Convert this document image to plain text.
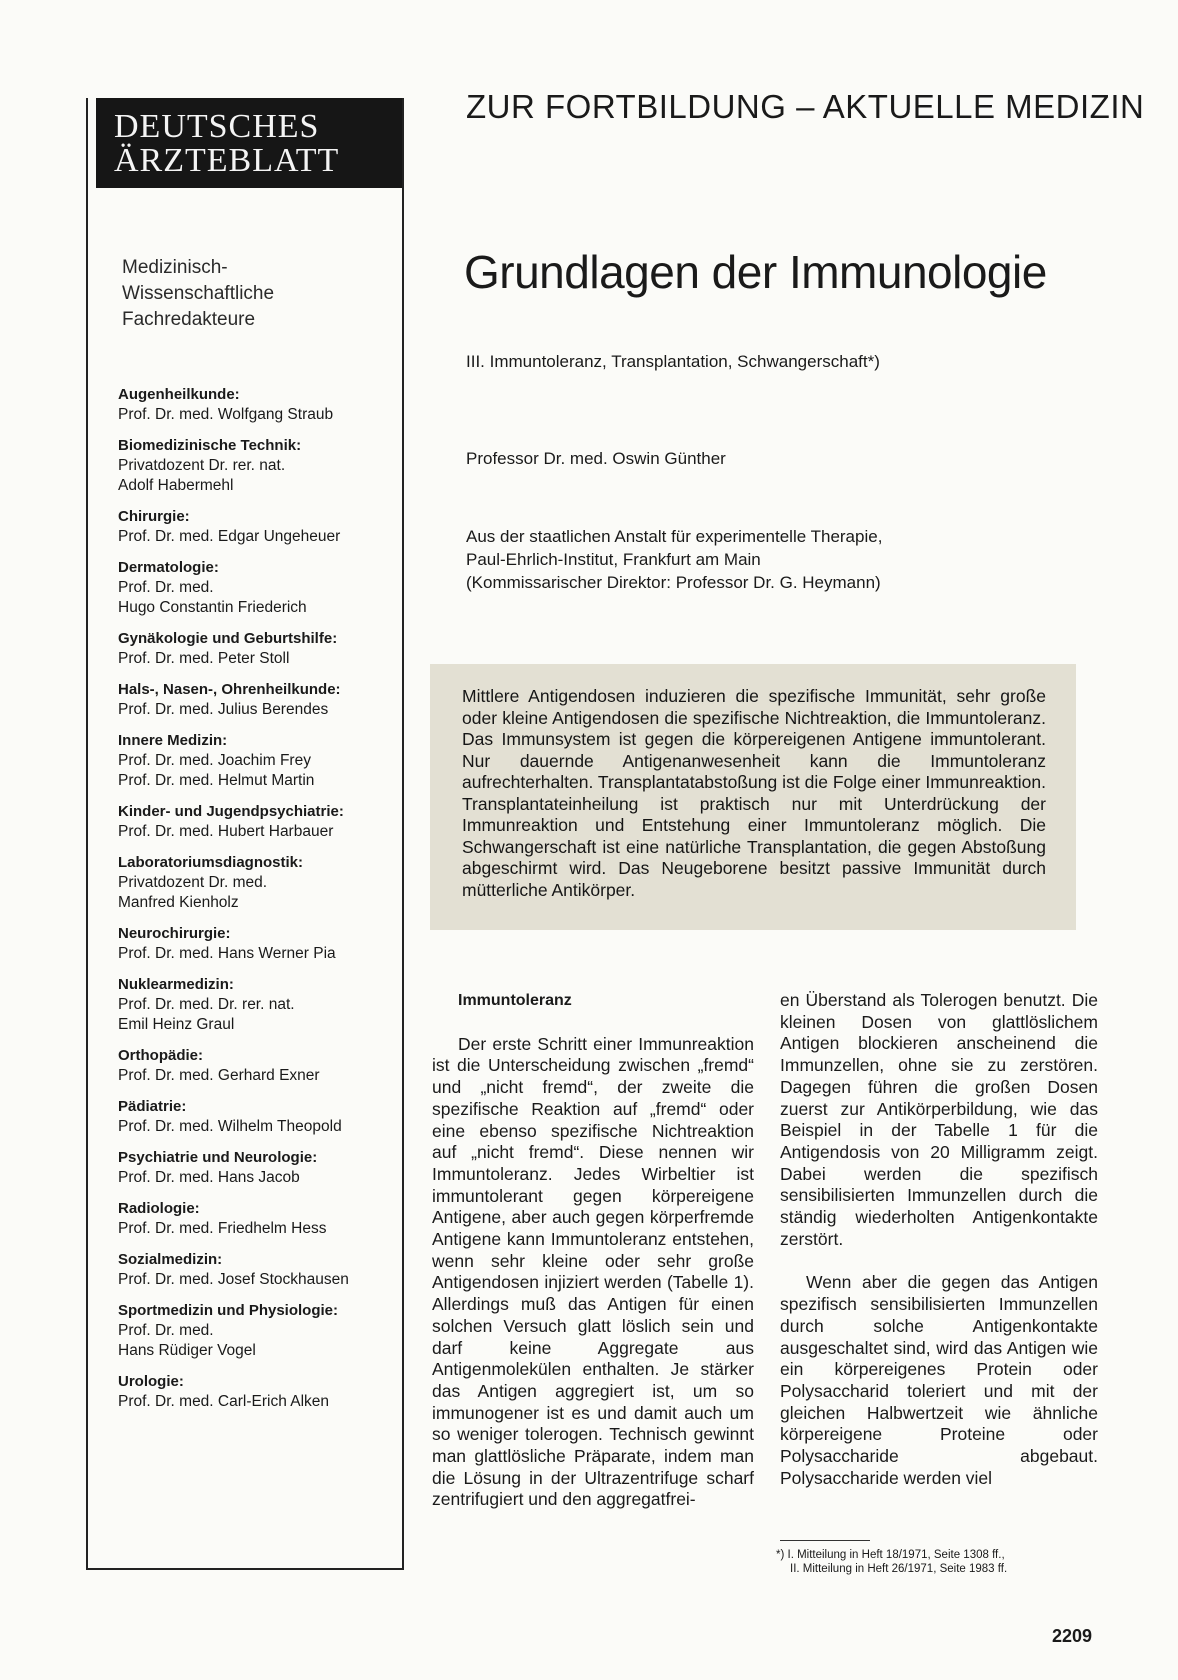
DEUTSCHES
ÄRZTEBLATT
Medizinisch-
Wissenschaftliche
Fachredakteure
Augenheilkunde:
Prof. Dr. med. Wolfgang Straub
Biomedizinische Technik:
Privatdozent Dr. rer. nat.
Adolf Habermehl
Chirurgie:
Prof. Dr. med. Edgar Ungeheuer
Dermatologie:
Prof. Dr. med.
Hugo Constantin Friederich
Gynäkologie und Geburtshilfe:
Prof. Dr. med. Peter Stoll
Hals-, Nasen-, Ohrenheilkunde:
Prof. Dr. med. Julius Berendes
Innere Medizin:
Prof. Dr. med. Joachim Frey
Prof. Dr. med. Helmut Martin
Kinder- und Jugendpsychiatrie:
Prof. Dr. med. Hubert Harbauer
Laboratoriumsdiagnostik:
Privatdozent Dr. med.
Manfred Kienholz
Neurochirurgie:
Prof. Dr. med. Hans Werner Pia
Nuklearmedizin:
Prof. Dr. med. Dr. rer. nat.
Emil Heinz Graul
Orthopädie:
Prof. Dr. med. Gerhard Exner
Pädiatrie:
Prof. Dr. med. Wilhelm Theopold
Psychiatrie und Neurologie:
Prof. Dr. med. Hans Jacob
Radiologie:
Prof. Dr. med. Friedhelm Hess
Sozialmedizin:
Prof. Dr. med. Josef Stockhausen
Sportmedizin und Physiologie:
Prof. Dr. med.
Hans Rüdiger Vogel
Urologie:
Prof. Dr. med. Carl-Erich Alken
ZUR FORTBILDUNG – AKTUELLE MEDIZIN
Grundlagen der Immunologie
III. Immuntoleranz, Transplantation, Schwangerschaft*)
Professor Dr. med. Oswin Günther
Aus der staatlichen Anstalt für experimentelle Therapie,
Paul-Ehrlich-Institut, Frankfurt am Main
(Kommissarischer Direktor: Professor Dr. G. Heymann)

Mittlere Antigendosen induzieren die spezifische Immunität, sehr große oder kleine Antigendosen die spezifische Nichtreaktion, die Immuntoleranz. Das Immunsystem ist gegen die körpereigenen Antigene immuntolerant. Nur dauernde Antigenanwesenheit kann die Immuntoleranz aufrechterhalten. Transplantatabstoßung ist die Folge einer Immunreaktion. Transplantateinheilung ist praktisch nur mit Unterdrückung der Immunreaktion und Entstehung einer Immuntoleranz möglich. Die Schwangerschaft ist eine natürliche Transplantation, die gegen Abstoßung abgeschirmt wird. Das Neugeborene besitzt passive Immunität durch mütterliche Antikörper.

Immuntoleranz

Der erste Schritt einer Immunreaktion ist die Unterscheidung zwischen „fremd“ und „nicht fremd“, der zweite die spezifische Reaktion auf „fremd“ oder eine ebenso spezifische Nichtreaktion auf „nicht fremd“. Diese nennen wir Immuntoleranz. Jedes Wirbeltier ist immuntolerant gegen körpereigene Antigene, aber auch gegen körperfremde Antigene kann Immuntoleranz entstehen, wenn sehr kleine oder sehr große Antigendosen injiziert werden (Tabelle 1). Allerdings muß das Antigen für einen solchen Versuch glatt löslich sein und darf keine Aggregate aus Antigenmolekülen enthalten. Je stärker das Antigen aggregiert ist, um so immunogener ist es und damit auch um so weniger tolerogen. Technisch gewinnt man glattlösliche Präparate, indem man die Lösung in der Ultrazentrifuge scharf zentrifugiert und den aggregatfrei-

en Überstand als Tolerogen benutzt. Die kleinen Dosen von glattlöslichem Antigen blockieren anscheinend die Immunzellen, ohne sie zu zerstören. Dagegen führen die großen Dosen zuerst zur Antikörperbildung, wie das Beispiel in der Tabelle 1 für die Antigendosis von 20 Milligramm zeigt. Dabei werden die spezifisch sensibilisierten Immunzellen durch die ständig wiederholten Antigenkontakte zerstört.

Wenn aber die gegen das Antigen spezifisch sensibilisierten Immunzellen durch solche Antigenkontakte ausgeschaltet sind, wird das Antigen wie ein körpereigenes Protein oder Polysaccharid toleriert und mit der gleichen Halbwertzeit wie ähnliche körpereigene Proteine oder Polysaccharide abgebaut. Polysaccharide werden viel

*) I. Mitteilung in Heft 18/1971, Seite 1308 ff.,
II. Mitteilung in Heft 26/1971, Seite 1983 ff.
2209
